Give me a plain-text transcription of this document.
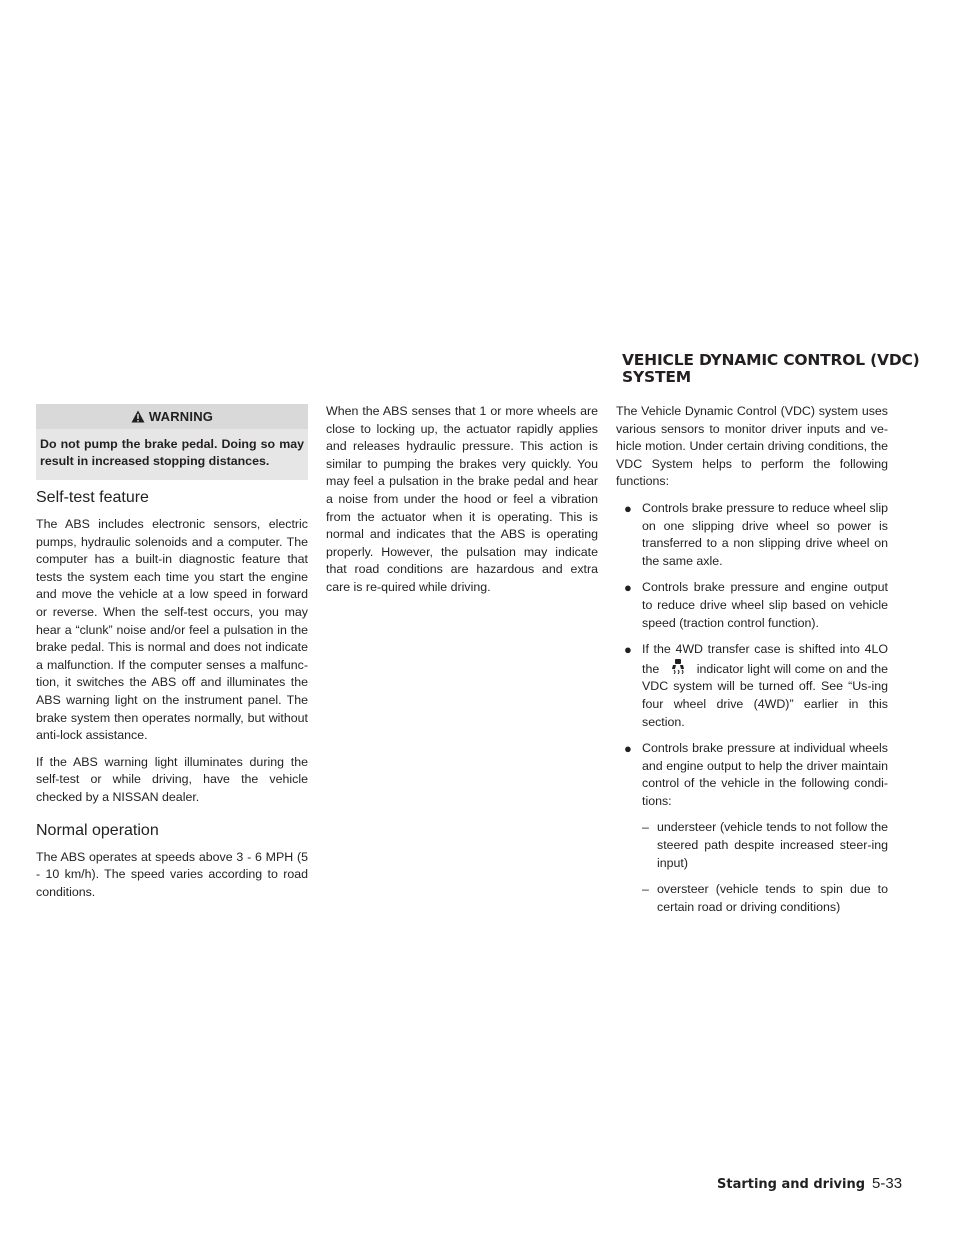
VEHICLE DYNAMIC CONTROL (VDC) SYSTEM
WARNING
Do not pump the brake pedal. Doing so may result in increased stopping distances.
Self-test feature

The ABS includes electronic sensors, electric pumps, hydraulic solenoids and a computer. The computer has a built-in diagnostic feature that tests the system each time you start the engine and move the vehicle at a low speed in forward or reverse. When the self-test occurs, you may hear a “clunk” noise and/or feel a pulsation in the brake pedal. This is normal and does not indicate a malfunction. If the computer senses a malfunc-tion, it switches the ABS off and illuminates the ABS warning light on the instrument panel. The brake system then operates normally, but without anti-lock assistance.

If the ABS warning light illuminates during the self-test or while driving, have the vehicle checked by a NISSAN dealer.

Normal operation

The ABS operates at speeds above 3 - 6 MPH (5 - 10 km/h). The speed varies according to road conditions.

When the ABS senses that 1 or more wheels are close to locking up, the actuator rapidly applies and releases hydraulic pressure. This action is similar to pumping the brakes very quickly. You may feel a pulsation in the brake pedal and hear a noise from under the hood or feel a vibration from the actuator when it is operating. This is normal and indicates that the ABS is operating properly. However, the pulsation may indicate that road conditions are hazardous and extra care is re-quired while driving.

The Vehicle Dynamic Control (VDC) system uses various sensors to monitor driver inputs and ve-hicle motion. Under certain driving conditions, the VDC System helps to perform the following functions:

● Controls brake pressure to reduce wheel slip on one slipping drive wheel so power is transferred to a non slipping drive wheel on the same axle.
● Controls brake pressure and engine output to reduce drive wheel slip based on vehicle speed (traction control function).
● If the 4WD transfer case is shifted into 4LO the	indicator light will come on and the VDC system will be turned off. See “Us-ing four wheel drive (4WD)” earlier in this section.
● Controls brake pressure at individual wheels and engine output to help the driver maintain control of the vehicle in the following condi-tions:
– understeer (vehicle tends to not follow the steered path despite increased steer-ing input)
– oversteer (vehicle tends to spin due to certain road or driving conditions)
Starting and driving 5-33
